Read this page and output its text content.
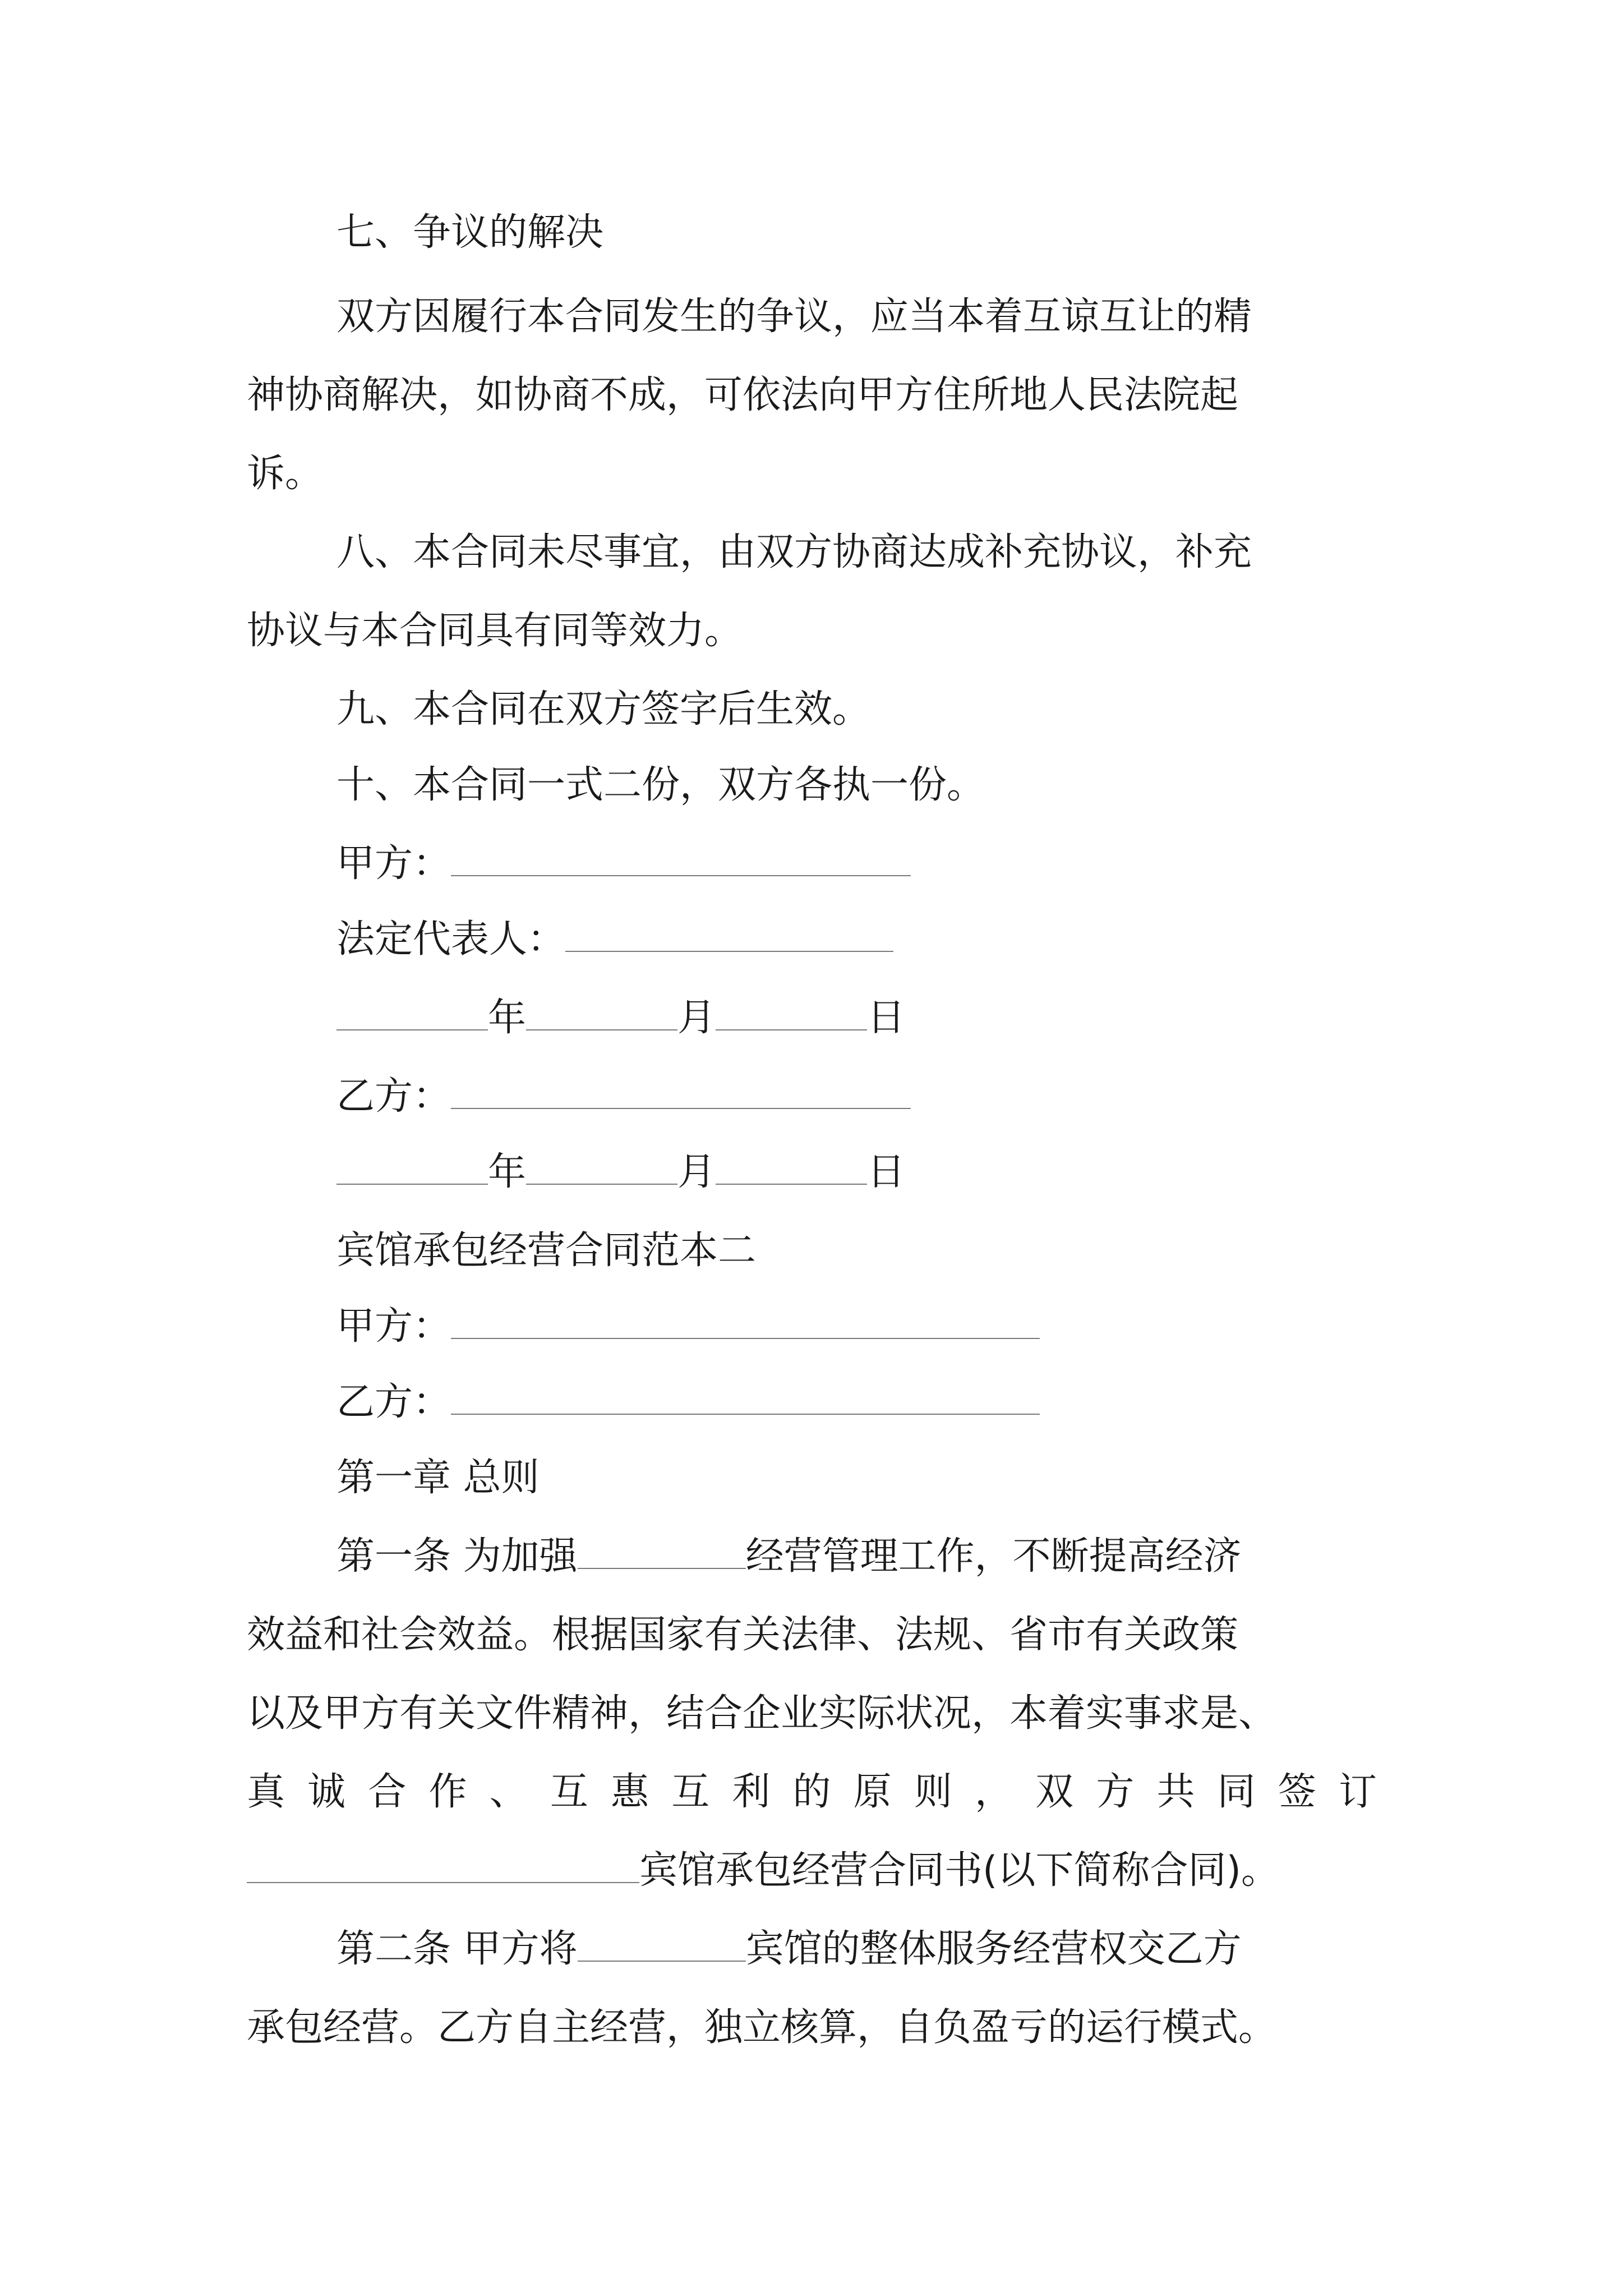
七、争议的解决
双方因履行本合同发生的争议，应当本着互谅互让的精
神协商解决，如协商不成，可依法向甲方住所地人民法院起
诉。
八、本合同未尽事宜，由双方协商达成补充协议，补充
协议与本合同具有同等效力。
九、本合同在双方签字后生效。
十、本合同一式二份，双方各执一份。
甲方：
法定代表人：
年	月	日
乙方：
年	月	日
宾馆承包经营合同范本二
甲方：
乙方：
第一章 总则
第一条 为加强	经营管理工作，不断提高经济
效益和社会效益。根据国家有关法律、法规、省市有关政策
以及甲方有关文件精神，结合企业实际状况，本着实事求是、
真诚合作、互惠互利的原则，双方共同签订
宾馆承包经营合同书(以下简称合同)。
第二条 甲方将	宾馆的整体服务经营权交乙方
承包经营。乙方自主经营，独立核算，自负盈亏的运行模式。
